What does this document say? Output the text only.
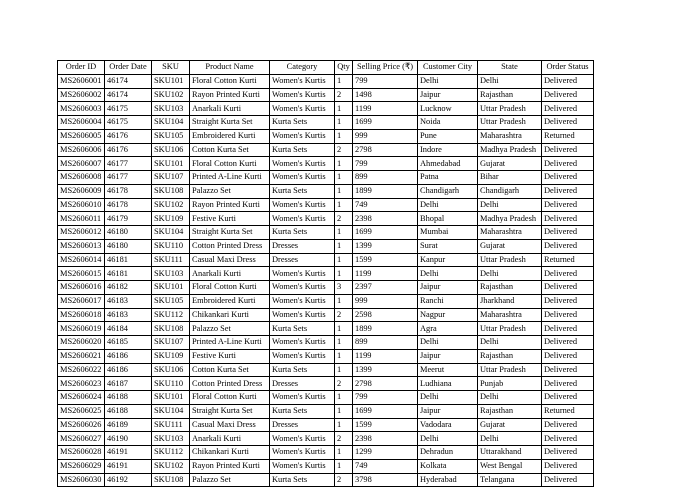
Order ID	Order Date	SKU	Product Name	Category	Qty	Selling Price (₹)	Customer City	State	Order Status
MS2606001	46174	SKU101	Floral Cotton Kurti	Women's Kurtis	1	799	Delhi	Delhi	Delivered
MS2606002	46174	SKU102	Rayon Printed Kurti	Women's Kurtis	2	1498	Jaipur	Rajasthan	Delivered
MS2606003	46175	SKU103	Anarkali Kurti	Women's Kurtis	1	1199	Lucknow	Uttar Pradesh	Delivered
MS2606004	46175	SKU104	Straight Kurta Set	Kurta Sets	1	1699	Noida	Uttar Pradesh	Delivered
MS2606005	46176	SKU105	Embroidered Kurti	Women's Kurtis	1	999	Pune	Maharashtra	Returned
MS2606006	46176	SKU106	Cotton Kurta Set	Kurta Sets	2	2798	Indore	Madhya Pradesh	Delivered
MS2606007	46177	SKU101	Floral Cotton Kurti	Women's Kurtis	1	799	Ahmedabad	Gujarat	Delivered
MS2606008	46177	SKU107	Printed A-Line Kurti	Women's Kurtis	1	899	Patna	Bihar	Delivered
MS2606009	46178	SKU108	Palazzo Set	Kurta Sets	1	1899	Chandigarh	Chandigarh	Delivered
MS2606010	46178	SKU102	Rayon Printed Kurti	Women's Kurtis	1	749	Delhi	Delhi	Delivered
MS2606011	46179	SKU109	Festive Kurti	Women's Kurtis	2	2398	Bhopal	Madhya Pradesh	Delivered
MS2606012	46180	SKU104	Straight Kurta Set	Kurta Sets	1	1699	Mumbai	Maharashtra	Delivered
MS2606013	46180	SKU110	Cotton Printed Dress	Dresses	1	1399	Surat	Gujarat	Delivered
MS2606014	46181	SKU111	Casual Maxi Dress	Dresses	1	1599	Kanpur	Uttar Pradesh	Returned
MS2606015	46181	SKU103	Anarkali Kurti	Women's Kurtis	1	1199	Delhi	Delhi	Delivered
MS2606016	46182	SKU101	Floral Cotton Kurti	Women's Kurtis	3	2397	Jaipur	Rajasthan	Delivered
MS2606017	46183	SKU105	Embroidered Kurti	Women's Kurtis	1	999	Ranchi	Jharkhand	Delivered
MS2606018	46183	SKU112	Chikankari Kurti	Women's Kurtis	2	2598	Nagpur	Maharashtra	Delivered
MS2606019	46184	SKU108	Palazzo Set	Kurta Sets	1	1899	Agra	Uttar Pradesh	Delivered
MS2606020	46185	SKU107	Printed A-Line Kurti	Women's Kurtis	1	899	Delhi	Delhi	Delivered
MS2606021	46186	SKU109	Festive Kurti	Women's Kurtis	1	1199	Jaipur	Rajasthan	Delivered
MS2606022	46186	SKU106	Cotton Kurta Set	Kurta Sets	1	1399	Meerut	Uttar Pradesh	Delivered
MS2606023	46187	SKU110	Cotton Printed Dress	Dresses	2	2798	Ludhiana	Punjab	Delivered
MS2606024	46188	SKU101	Floral Cotton Kurti	Women's Kurtis	1	799	Delhi	Delhi	Delivered
MS2606025	46188	SKU104	Straight Kurta Set	Kurta Sets	1	1699	Jaipur	Rajasthan	Returned
MS2606026	46189	SKU111	Casual Maxi Dress	Dresses	1	1599	Vadodara	Gujarat	Delivered
MS2606027	46190	SKU103	Anarkali Kurti	Women's Kurtis	2	2398	Delhi	Delhi	Delivered
MS2606028	46191	SKU112	Chikankari Kurti	Women's Kurtis	1	1299	Dehradun	Uttarakhand	Delivered
MS2606029	46191	SKU102	Rayon Printed Kurti	Women's Kurtis	1	749	Kolkata	West Bengal	Delivered
MS2606030	46192	SKU108	Palazzo Set	Kurta Sets	2	3798	Hyderabad	Telangana	Delivered
